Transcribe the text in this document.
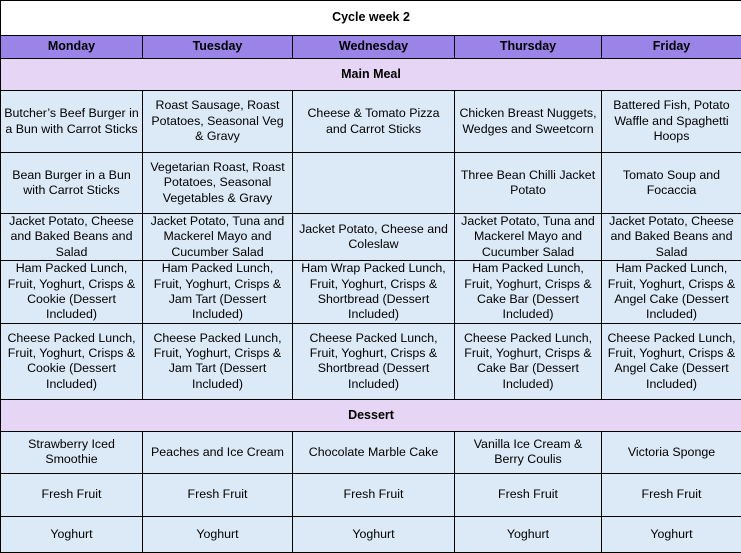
Cycle week 2				
Monday	Tuesday	Wednesday	Thursday	Friday
Main Meal				
Butcher’s Beef Burger in a Bun with Carrot Sticks	Roast Sausage, Roast Potatoes, Seasonal Veg & Gravy	Cheese & Tomato Pizza and Carrot Sticks	Chicken Breast Nuggets, Wedges and Sweetcorn	Battered Fish, Potato Waffle and Spaghetti Hoops
Bean Burger in a Bun with Carrot Sticks	Vegetarian Roast, Roast Potatoes, Seasonal Vegetables & Gravy		Three Bean Chilli Jacket Potato	Tomato Soup and Focaccia
Jacket Potato, Cheese and Baked Beans and Salad	Jacket Potato, Tuna and Mackerel Mayo and Cucumber Salad	Jacket Potato, Cheese and Coleslaw	Jacket Potato, Tuna and Mackerel Mayo and Cucumber Salad	Jacket Potato, Cheese and Baked Beans and Salad
Ham Packed Lunch, Fruit, Yoghurt, Crisps & Cookie (Dessert Included)	Ham Packed Lunch, Fruit, Yoghurt, Crisps & Jam Tart (Dessert Included)	Ham Wrap Packed Lunch, Fruit, Yoghurt, Crisps & Shortbread (Dessert Included)	Ham Packed Lunch, Fruit, Yoghurt, Crisps & Cake Bar (Dessert Included)	Ham Packed Lunch, Fruit, Yoghurt, Crisps & Angel Cake (Dessert Included)
Cheese Packed Lunch, Fruit, Yoghurt, Crisps & Cookie (Dessert Included)	Cheese Packed Lunch, Fruit, Yoghurt, Crisps & Jam Tart (Dessert Included)	Cheese Packed Lunch, Fruit, Yoghurt, Crisps & Shortbread (Dessert Included)	Cheese Packed Lunch, Fruit, Yoghurt, Crisps & Cake Bar (Dessert Included)	Cheese Packed Lunch, Fruit, Yoghurt, Crisps & Angel Cake (Dessert Included)
Dessert				
Strawberry Iced Smoothie	Peaches and Ice Cream	Chocolate Marble Cake	Vanilla Ice Cream & Berry Coulis	Victoria Sponge
Fresh Fruit	Fresh Fruit	Fresh Fruit	Fresh Fruit	Fresh Fruit
Yoghurt	Yoghurt	Yoghurt	Yoghurt	Yoghurt
